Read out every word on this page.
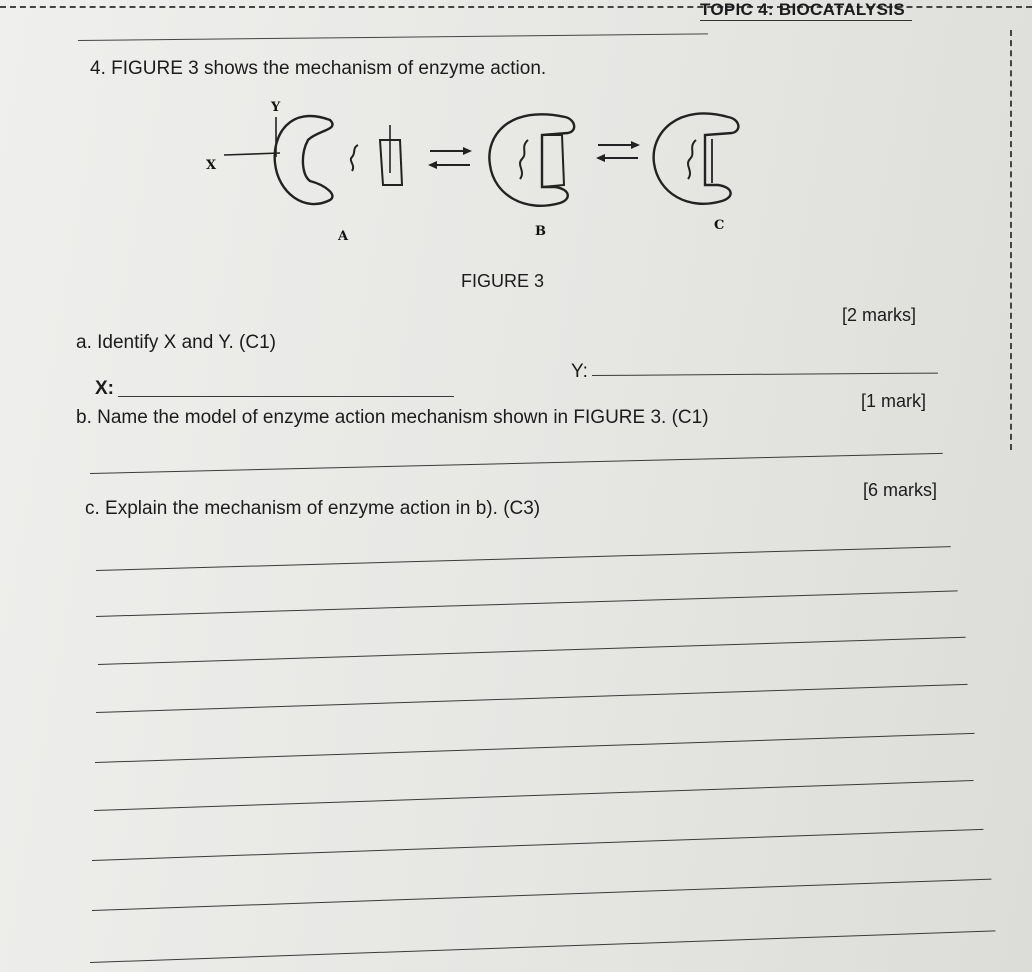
TOPIC 4: BIOCATALYSIS
4. FIGURE 3 shows the mechanism of enzyme action.
Y
X
A	B	C
FIGURE 3
[2 marks]
a. Identify X and Y. (C1)
Y:
X:
[1 mark]
b. Name the model of enzyme action mechanism shown in FIGURE 3. (C1)
[6 marks]
c. Explain the mechanism of enzyme action in b). (C3)
